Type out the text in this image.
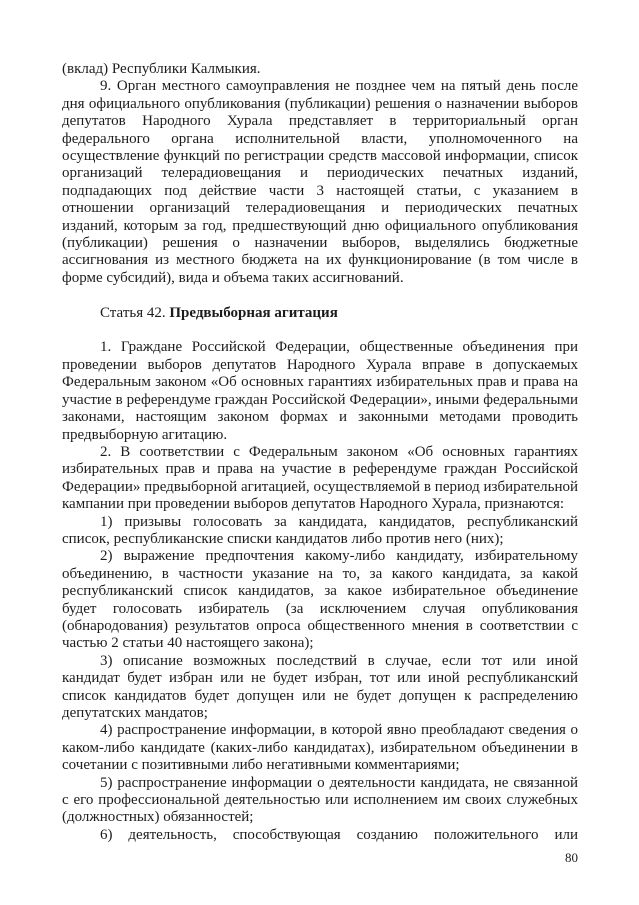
(вклад) Республики Калмыкия.
9. Орган местного самоуправления не позднее чем на пятый день после
дня официального опубликования (публикации) решения о назначении выборов
депутатов Народного Хурала представляет в территориальный орган
федерального органа исполнительной власти, уполномоченного на
осуществление функций по регистрации средств массовой информации, список
организаций телерадиовещания и периодических печатных изданий,
подпадающих под действие части 3 настоящей статьи, с указанием в
отношении организаций телерадиовещания и периодических печатных
изданий, которым за год, предшествующий дню официального опубликования
(публикации) решения о назначении выборов, выделялись бюджетные
ассигнования из местного бюджета на их функционирование (в том числе в
форме субсидий), вида и объема таких ассигнований.
Статья 42. Предвыборная агитация
1. Граждане Российской Федерации, общественные объединения при
проведении выборов депутатов Народного Хурала вправе в допускаемых
Федеральным законом «Об основных гарантиях избирательных прав и права на
участие в референдуме граждан Российской Федерации», иными федеральными
законами, настоящим законом формах и законными методами проводить
предвыборную агитацию.
2. В соответствии с Федеральным законом «Об основных гарантиях
избирательных прав и права на участие в референдуме граждан Российской
Федерации» предвыборной агитацией, осуществляемой в период избирательной
кампании при проведении выборов депутатов Народного Хурала, признаются:
1) призывы голосовать за кандидата, кандидатов, республиканский
список, республиканские списки кандидатов либо против него (них);
2) выражение предпочтения какому-либо кандидату, избирательному
объединению, в частности указание на то, за какого кандидата, за какой
республиканский список кандидатов, за какое избирательное объединение
будет голосовать избиратель (за исключением случая опубликования
(обнародования) результатов опроса общественного мнения в соответствии с
частью 2 статьи 40 настоящего закона);
3) описание возможных последствий в случае, если тот или иной
кандидат будет избран или не будет избран, тот или иной республиканский
список кандидатов будет допущен или не будет допущен к распределению
депутатских мандатов;
4) распространение информации, в которой явно преобладают сведения о
каком-либо кандидате (каких-либо кандидатах), избирательном объединении в
сочетании с позитивными либо негативными комментариями;
5) распространение информации о деятельности кандидата, не связанной
с его профессиональной деятельностью или исполнением им своих служебных
(должностных) обязанностей;
6) деятельность, способствующая созданию положительного или
80
